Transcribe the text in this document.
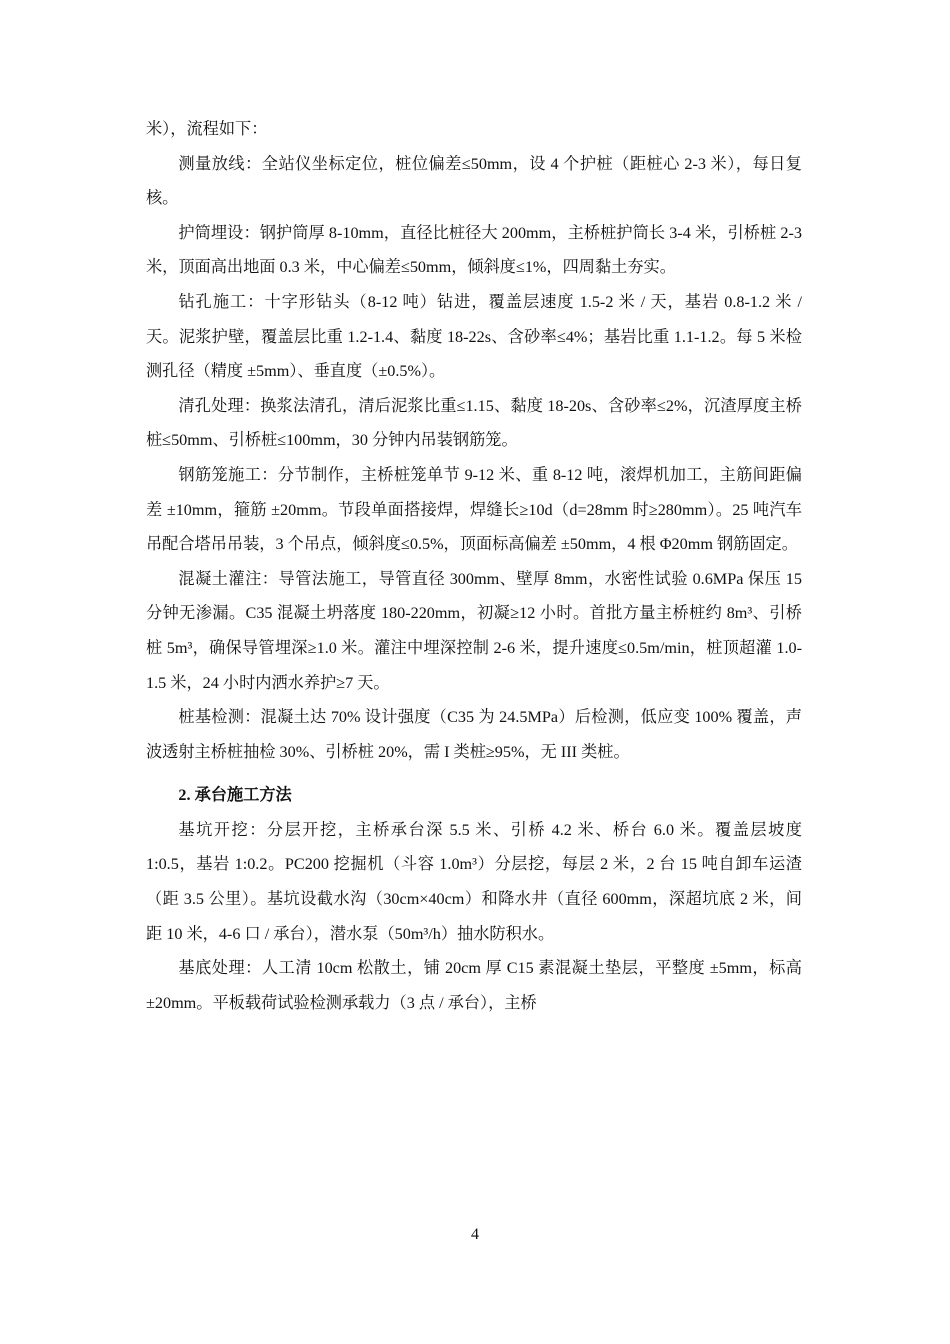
米），流程如下：

测量放线：全站仪坐标定位，桩位偏差≤50mm，设 4 个护桩（距桩心 2-3 米），每日复核。

护筒埋设：钢护筒厚 8-10mm，直径比桩径大 200mm，主桥桩护筒长 3-4 米，引桥桩 2-3 米，顶面高出地面 0.3 米，中心偏差≤50mm，倾斜度≤1%，四周黏土夯实。

钻孔施工：十字形钻头（8-12 吨）钻进，覆盖层速度 1.5-2 米 / 天，基岩 0.8-1.2 米 / 天。泥浆护壁，覆盖层比重 1.2-1.4、黏度 18-22s、含砂率≤4%；基岩比重 1.1-1.2。每 5 米检测孔径（精度 ±5mm）、垂直度（±0.5%）。

清孔处理：换浆法清孔，清后泥浆比重≤1.15、黏度 18-20s、含砂率≤2%，沉渣厚度主桥桩≤50mm、引桥桩≤100mm，30 分钟内吊装钢筋笼。

钢筋笼施工：分节制作，主桥桩笼单节 9-12 米、重 8-12 吨，滚焊机加工，主筋间距偏差 ±10mm，箍筋 ±20mm。节段单面搭接焊，焊缝长≥10d（d=28mm 时≥280mm）。25 吨汽车吊配合塔吊吊装，3 个吊点，倾斜度≤0.5%，顶面标高偏差 ±50mm，4 根 Φ20mm 钢筋固定。

混凝土灌注：导管法施工，导管直径 300mm、壁厚 8mm，水密性试验 0.6MPa 保压 15 分钟无渗漏。C35 混凝土坍落度 180-220mm，初凝≥12 小时。首批方量主桥桩约 8m³、引桥桩 5m³，确保导管埋深≥1.0 米。灌注中埋深控制 2-6 米，提升速度≤0.5m/min，桩顶超灌 1.0-1.5 米，24 小时内洒水养护≥7 天。

桩基检测：混凝土达 70% 设计强度（C35 为 24.5MPa）后检测，低应变 100% 覆盖，声波透射主桥桩抽检 30%、引桥桩 20%，需 I 类桩≥95%，无 III 类桩。

2. 承台施工方法

基坑开挖：分层开挖，主桥承台深 5.5 米、引桥 4.2 米、桥台 6.0 米。覆盖层坡度 1:0.5，基岩 1:0.2。PC200 挖掘机（斗容 1.0m³）分层挖，每层 2 米，2 台 15 吨自卸车运渣（距 3.5 公里）。基坑设截水沟（30cm×40cm）和降水井（直径 600mm，深超坑底 2 米，间距 10 米，4-6 口 / 承台），潜水泵（50m³/h）抽水防积水。

基底处理：人工清 10cm 松散土，铺 20cm 厚 C15 素混凝土垫层，平整度 ±5mm，标高 ±20mm。平板载荷试验检测承载力（3 点 / 承台），主桥

4
